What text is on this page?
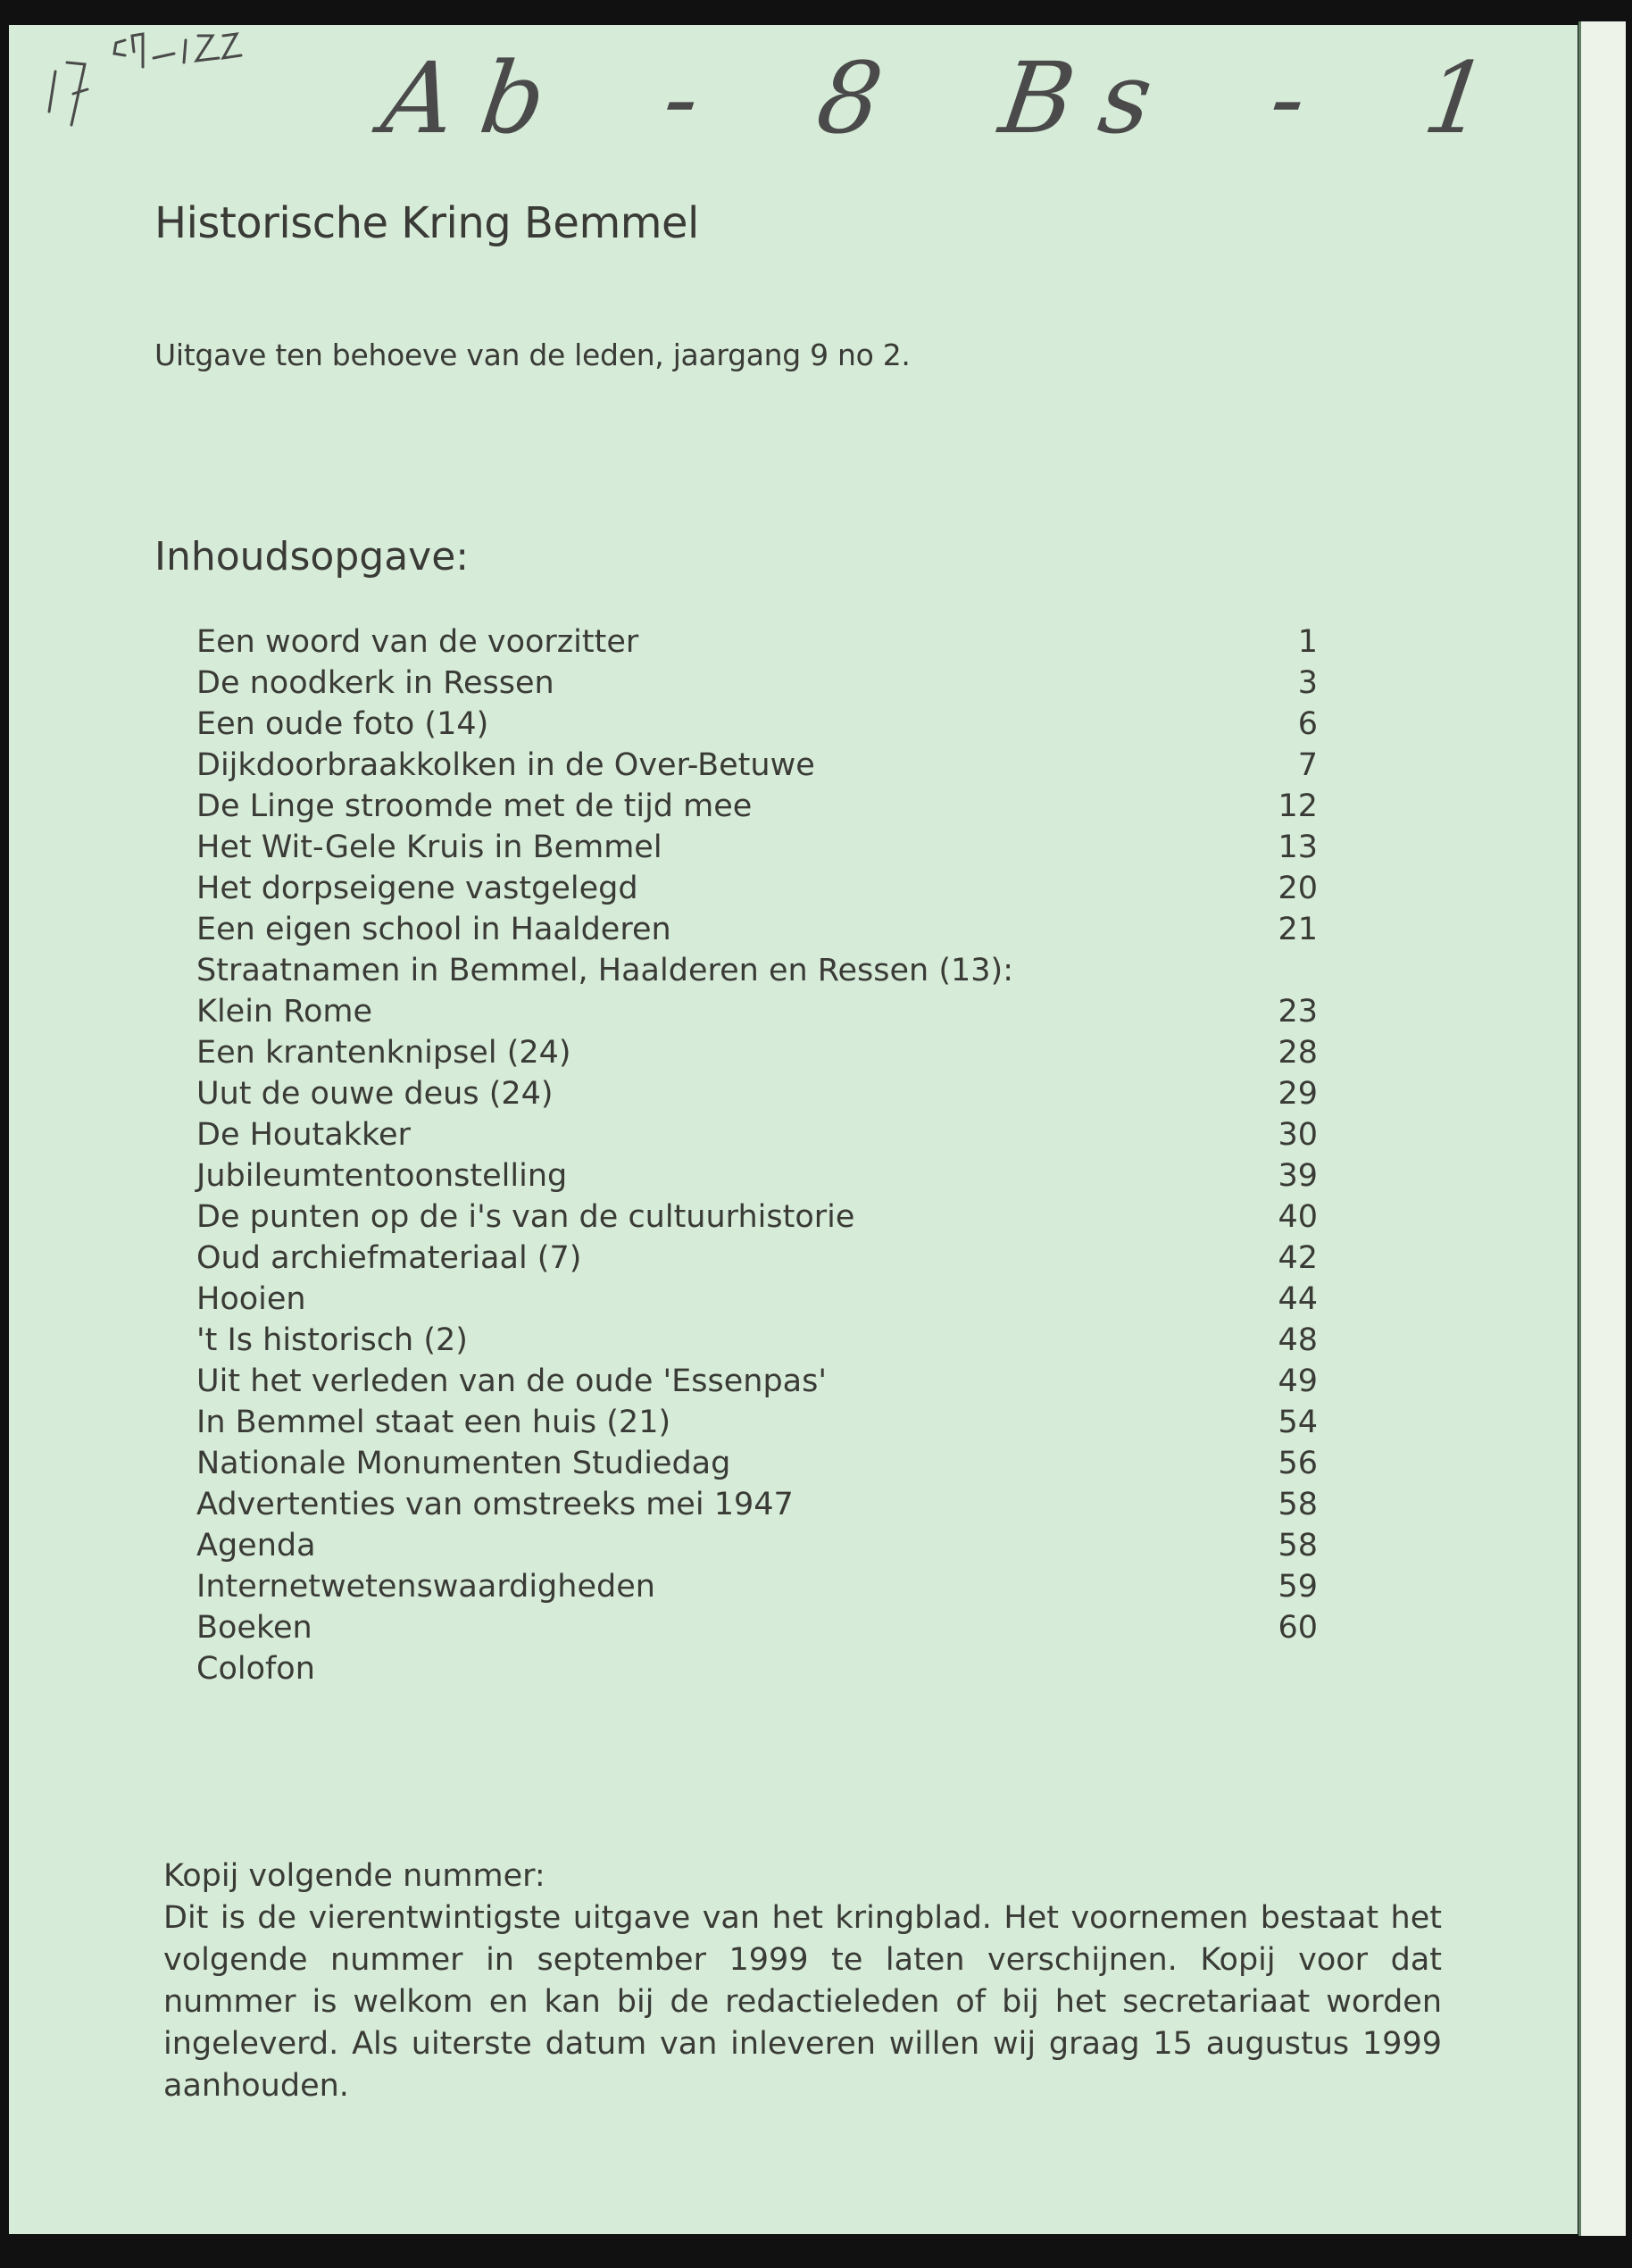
Ab - 8 Bs - 1
Historische Kring Bemmel
Uitgave ten behoeve van de leden, jaargang 9 no 2.
Inhoudsopgave:
Een woord van de voorzitter	1
De noodkerk in Ressen	3
Een oude foto (14)	6
Dijkdoorbraakkolken in de Over-Betuwe	7
De Linge stroomde met de tijd mee	12
Het Wit-Gele Kruis in Bemmel	13
Het dorpseigene vastgelegd	20
Een eigen school in Haalderen	21
Straatnamen in Bemmel, Haalderen en Ressen (13):
Klein Rome	23
Een krantenknipsel (24)	28
Uut de ouwe deus (24)	29
De Houtakker	30
Jubileumtentoonstelling	39
De punten op de i's van de cultuurhistorie	40
Oud archiefmateriaal (7)	42
Hooien	44
't Is historisch (2)	48
Uit het verleden van de oude 'Essenpas'	49
In Bemmel staat een huis (21)	54
Nationale Monumenten Studiedag	56
Advertenties van omstreeks mei 1947	58
Agenda	58
Internetwetenswaardigheden	59
Boeken	60
Colofon
Kopij volgende nummer:
Dit is de vierentwintigste uitgave van het kringblad. Het voornemen bestaat het volgende nummer in september 1999 te laten verschijnen. Kopij voor dat nummer is welkom en kan bij de redactieleden of bij het secretariaat worden ingeleverd. Als uiterste datum van inleveren willen wij graag 15 augustus 1999 aanhouden.
